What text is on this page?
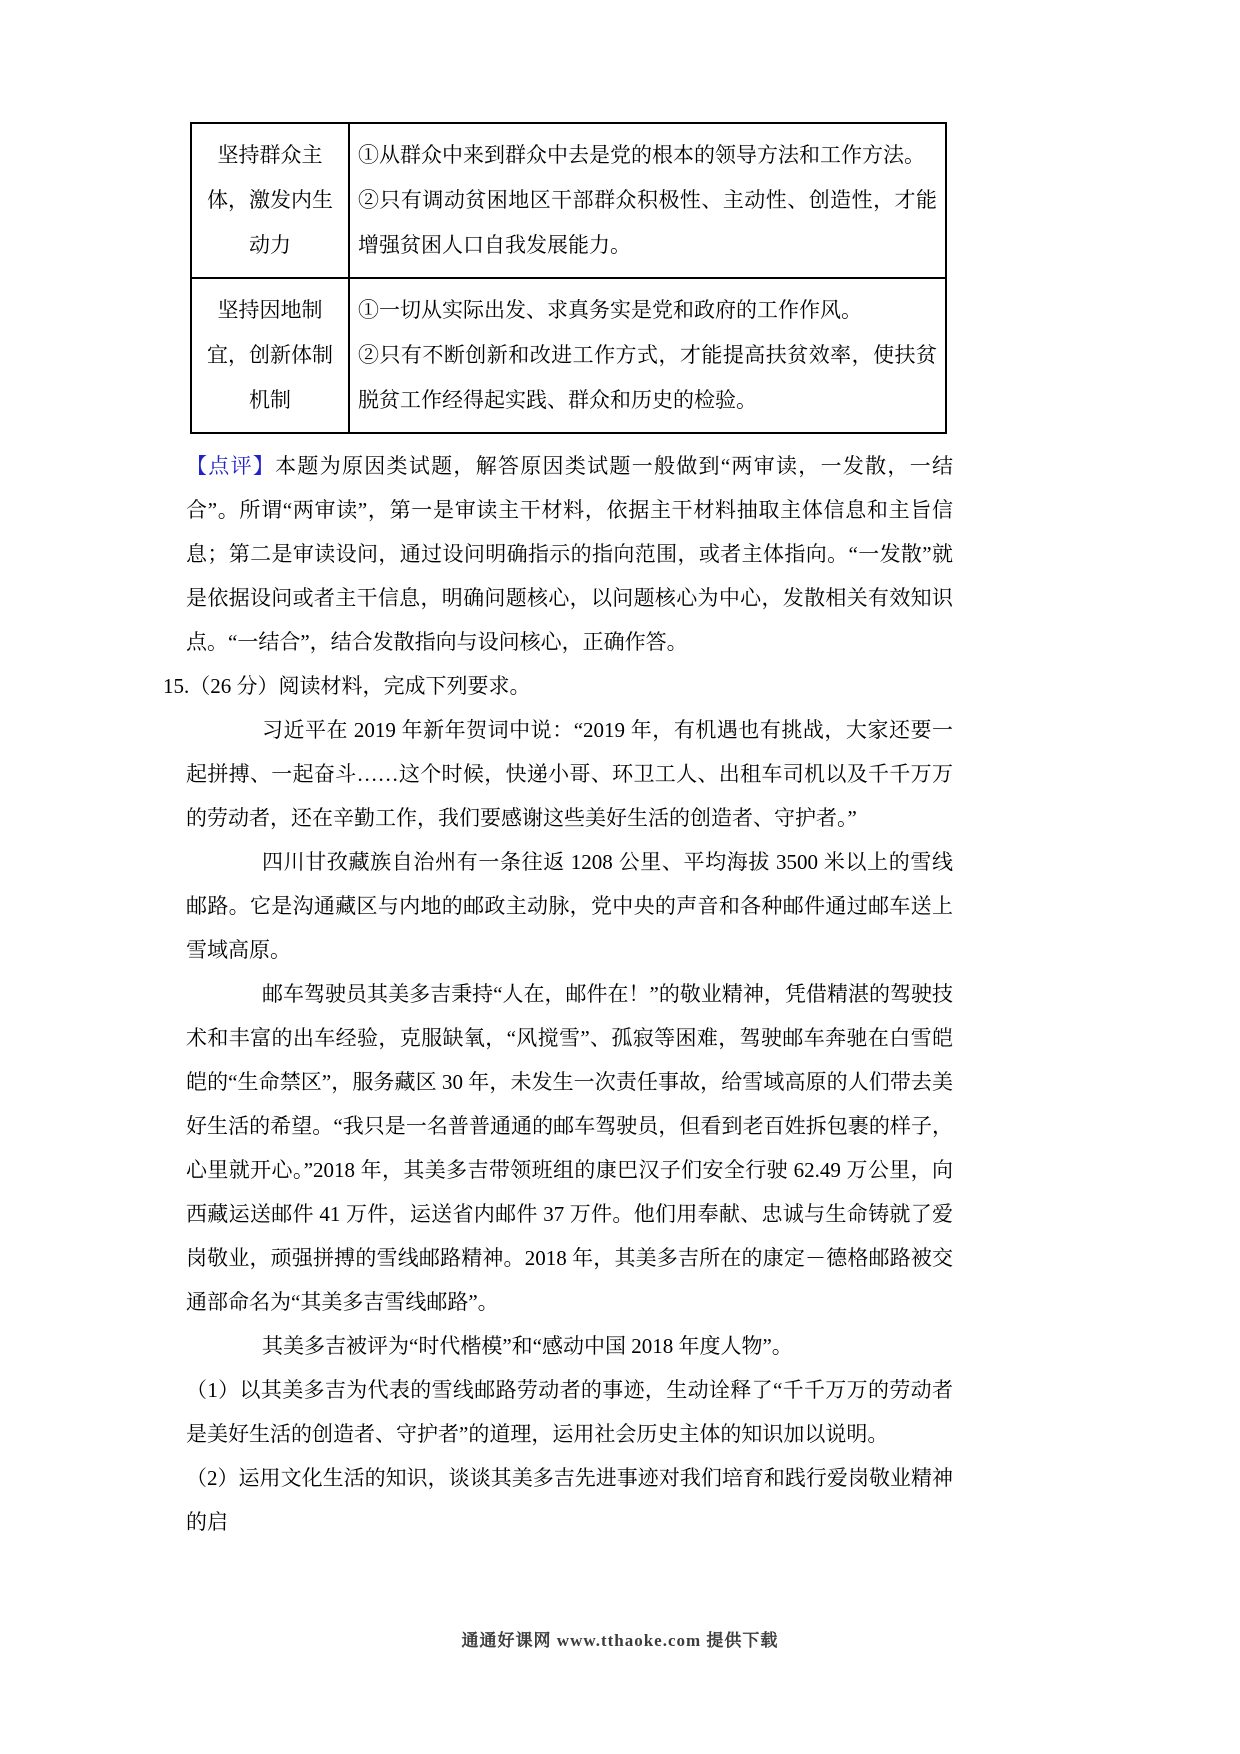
坚持群众主体，激发内生动力	①从群众中来到群众中去是党的根本的领导方法和工作方法。

②只有调动贫困地区干部群众积极性、主动性、创造性，才能增强贫困人口自我发展能力。

坚持因地制宜，创新体制机制	①一切从实际出发、求真务实是党和政府的工作作风。

②只有不断创新和改进工作方式，才能提高扶贫效率，使扶贫脱贫工作经得起实践、群众和历史的检验。

【点评】本题为原因类试题，解答原因类试题一般做到“两审读，一发散，一结合”。所谓“两审读”，第一是审读主干材料，依据主干材料抽取主体信息和主旨信息；第二是审读设问，通过设问明确指示的指向范围，或者主体指向。“一发散”就是依据设问或者主干信息，明确问题核心，以问题核心为中心，发散相关有效知识点。“一结合”，结合发散指向与设问核心，正确作答。

15.（26 分）阅读材料，完成下列要求。

习近平在 2019 年新年贺词中说：“2019 年，有机遇也有挑战，大家还要一起拼搏、一起奋斗……这个时候，快递小哥、环卫工人、出租车司机以及千千万万的劳动者，还在辛勤工作，我们要感谢这些美好生活的创造者、守护者。”

四川甘孜藏族自治州有一条往返 1208 公里、平均海拔 3500 米以上的雪线邮路。它是沟通藏区与内地的邮政主动脉，党中央的声音和各种邮件通过邮车送上雪域高原。

邮车驾驶员其美多吉秉持“人在，邮件在！”的敬业精神，凭借精湛的驾驶技术和丰富的出车经验，克服缺氧，“风搅雪”、孤寂等困难，驾驶邮车奔驰在白雪皑皑的“生命禁区”，服务藏区 30 年，未发生一次责任事故，给雪域高原的人们带去美好生活的希望。“我只是一名普普通通的邮车驾驶员，但看到老百姓拆包裹的样子，心里就开心。”2018 年，其美多吉带领班组的康巴汉子们安全行驶 62.49 万公里，向西藏运送邮件 41 万件，运送省内邮件 37 万件。他们用奉献、忠诚与生命铸就了爱岗敬业，顽强拼搏的雪线邮路精神。2018 年，其美多吉所在的康定－德格邮路被交通部命名为“其美多吉雪线邮路”。

其美多吉被评为“时代楷模”和“感动中国 2018 年度人物”。

（1）以其美多吉为代表的雪线邮路劳动者的事迹，生动诠释了“千千万万的劳动者是美好生活的创造者、守护者”的道理，运用社会历史主体的知识加以说明。

（2）运用文化生活的知识，谈谈其美多吉先进事迹对我们培育和践行爱岗敬业精神的启

通通好课网 www.tthaoke.com 提供下载
